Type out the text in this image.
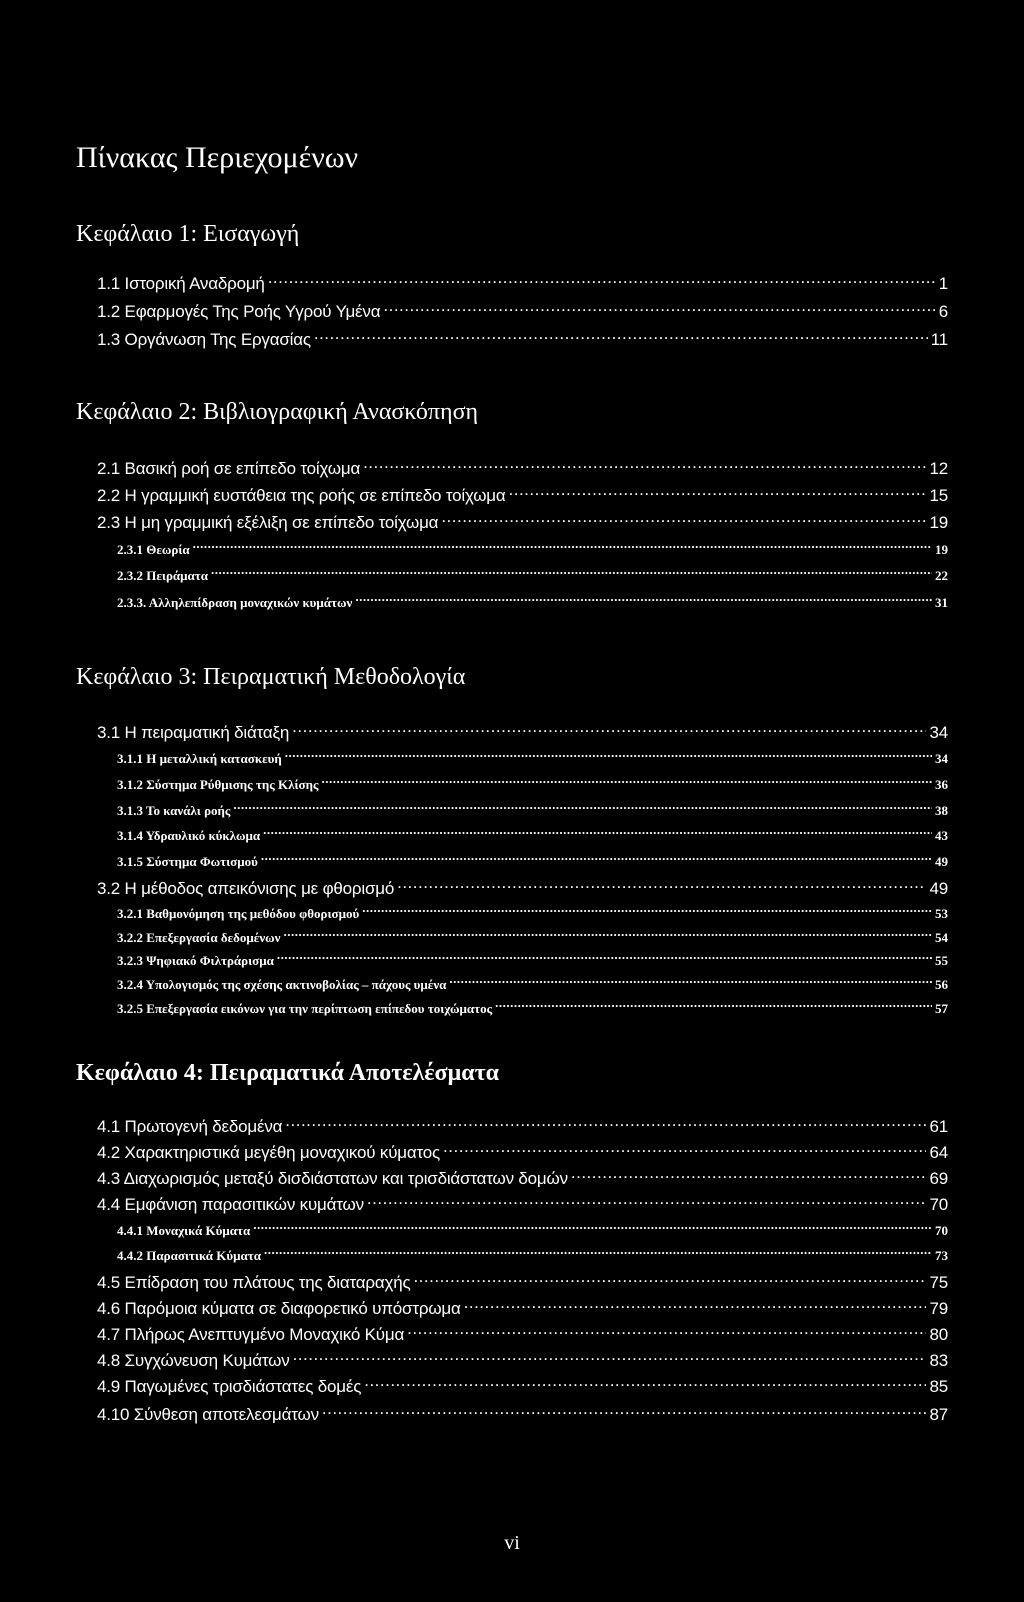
Πίνακας Περιεχομένων
Κεφάλαιο 1: Εισαγωγή
1.1 Ιστορική Αναδρομή .....	1
1.2 Εφαρμογές Της Ροής Υγρού Υμένα .....	6
1.3 Οργάνωση Της Εργασίας .....	11
Κεφάλαιο 2: Βιβλιογραφική Ανασκόπηση
2.1 Βασική ροή σε επίπεδο τοίχωμα .....	12
2.2 Η γραμμική ευστάθεια της ροής σε επίπεδο τοίχωμα .....	15
2.3 Η μη γραμμική εξέλιξη σε επίπεδο τοίχωμα .....	19
2.3.1 Θεωρία .....	19
2.3.2 Πειράματα .....	22
2.3.3. Αλληλεπίδραση μοναχικών κυμάτων .....	31
Κεφάλαιο 3: Πειραματική Μεθοδολογία
3.1 Η πειραματική διάταξη .....	34
3.1.1 Η μεταλλική κατασκευή .....	34
3.1.2 Σύστημα Ρύθμισης της Κλίσης .....	36
3.1.3 Το κανάλι ροής .....	38
3.1.4 Υδραυλικό κύκλωμα .....	43
3.1.5 Σύστημα Φωτισμού .....	49
3.2 Η μέθοδος απεικόνισης με φθορισμό .....	49
3.2.1 Βαθμονόμηση της μεθόδου φθορισμού .....	53
3.2.2 Επεξεργασία δεδομένων .....	54
3.2.3 Ψηφιακό Φιλτράρισμα .....	55
3.2.4 Υπολογισμός της σχέσης ακτινοβολίας – πάχους υμένα .....	56
3.2.5 Επεξεργασία εικόνων για την περίπτωση επίπεδου τοιχώματος .....	57
Κεφάλαιο 4: Πειραματικά Αποτελέσματα
4.1 Πρωτογενή δεδομένα .....	61
4.2 Χαρακτηριστικά μεγέθη μοναχικού κύματος .....	64
4.3 Διαχωρισμός μεταξύ δισδιάστατων και τρισδιάστατων δομών .....	69
4.4 Εμφάνιση παρασιτικών κυμάτων .....	70
4.4.1 Μοναχικά Κύματα .....	70
4.4.2 Παρασιτικά Κύματα .....	73
4.5 Επίδραση του πλάτους της διαταραχής .....	75
4.6 Παρόμοια κύματα σε διαφορετικό υπόστρωμα .....	79
4.7 Πλήρως Ανεπτυγμένο Μοναχικό Κύμα .....	80
4.8 Συγχώνευση Κυμάτων .....	83
4.9 Παγωμένες τρισδιάστατες δομές .....	85
4.10 Σύνθεση αποτελεσμάτων .....	87
vi
